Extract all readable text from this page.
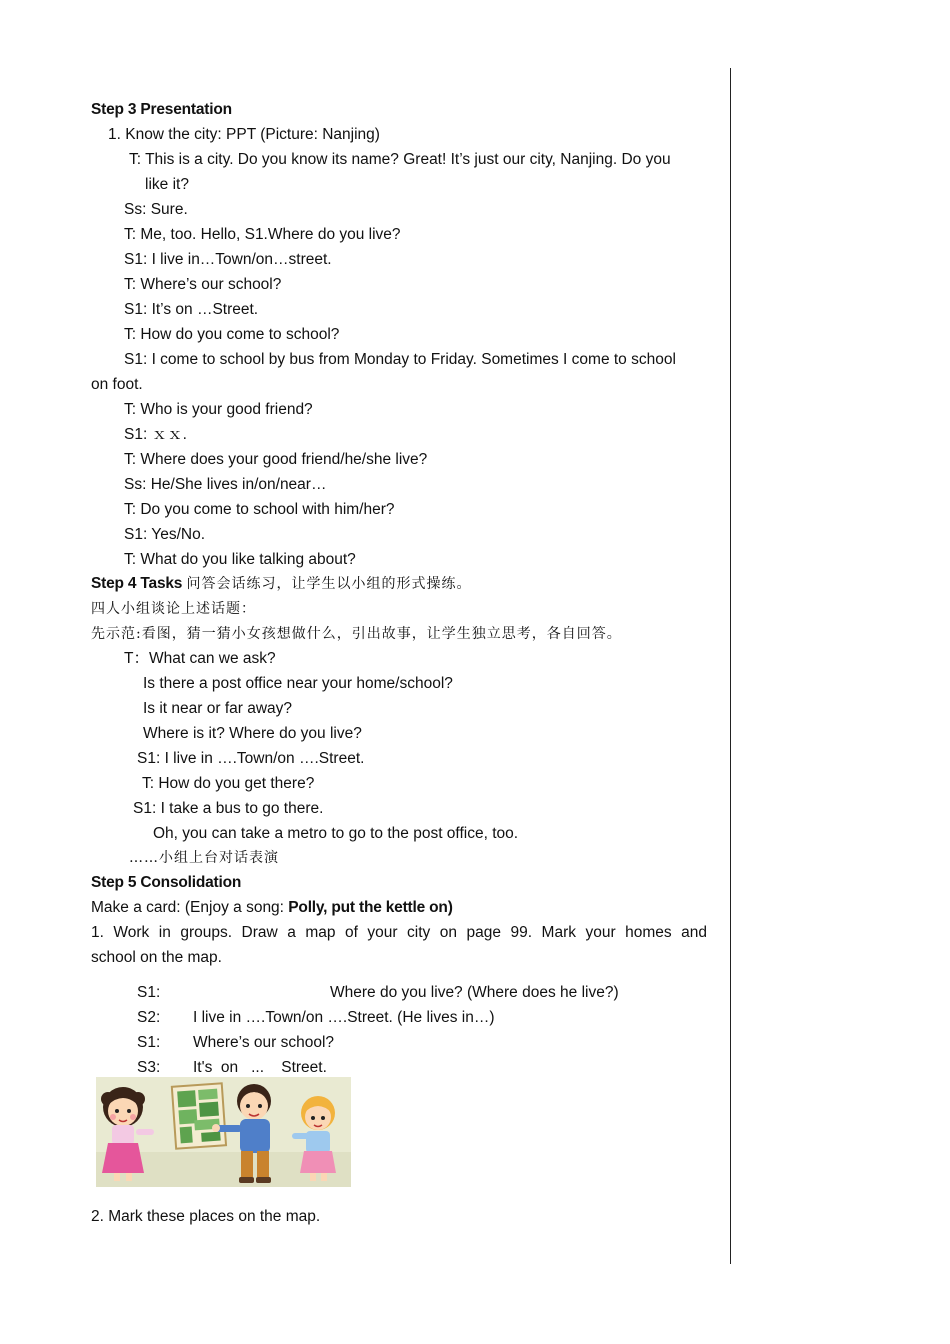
Step 3 Presentation
1. Know the city: PPT (Picture: Nanjing)
T: This is a city. Do you know its name? Great! It’s just our city, Nanjing. Do you
like it?
Ss: Sure.
T: Me, too. Hello, S1.Where do you live?
S1: I live in…Town/on…street.
T: Where’s our school?
S1: It’s on …Street.
T: How do you come to school?
S1: I come to school by bus from Monday to Friday. Sometimes I come to school
on foot.
T: Who is your good friend?
S1: ｘｘ.
T: Where does your good friend/he/she live?
Ss: He/She lives in/on/near…
T: Do you come to school with him/her?
S1: Yes/No.
T: What do you like talking about?
Step 4 Tasks 问答会话练习，让学生以小组的形式操练。
四人小组谈论上述话题：
先示范:看图，猜一猜小女孩想做什么，引出故事，让学生独立思考，各自回答。
T：What can we ask?
Is there a post office near your home/school?
Is it near or far away?
Where is it? Where do you live?
S1: I live in ….Town/on ….Street.
T: How do you get there?
S1: I take a bus to go there.
Oh, you can take a metro to go to the post office, too.
……小组上台对话表演
Step 5 Consolidation
Make a card: (Enjoy a song: Polly, put the kettle on)
1. Work in groups. Draw a map of your city on page 99. Mark your homes and
school on the map.
S1:	Where do you live? (Where does he live?)
S2: I live in ….Town/on ….Street. (He lives in…)
S1: Where’s our school?
S3: It's  on   ...    Street.
2. Mark these places on the map.
